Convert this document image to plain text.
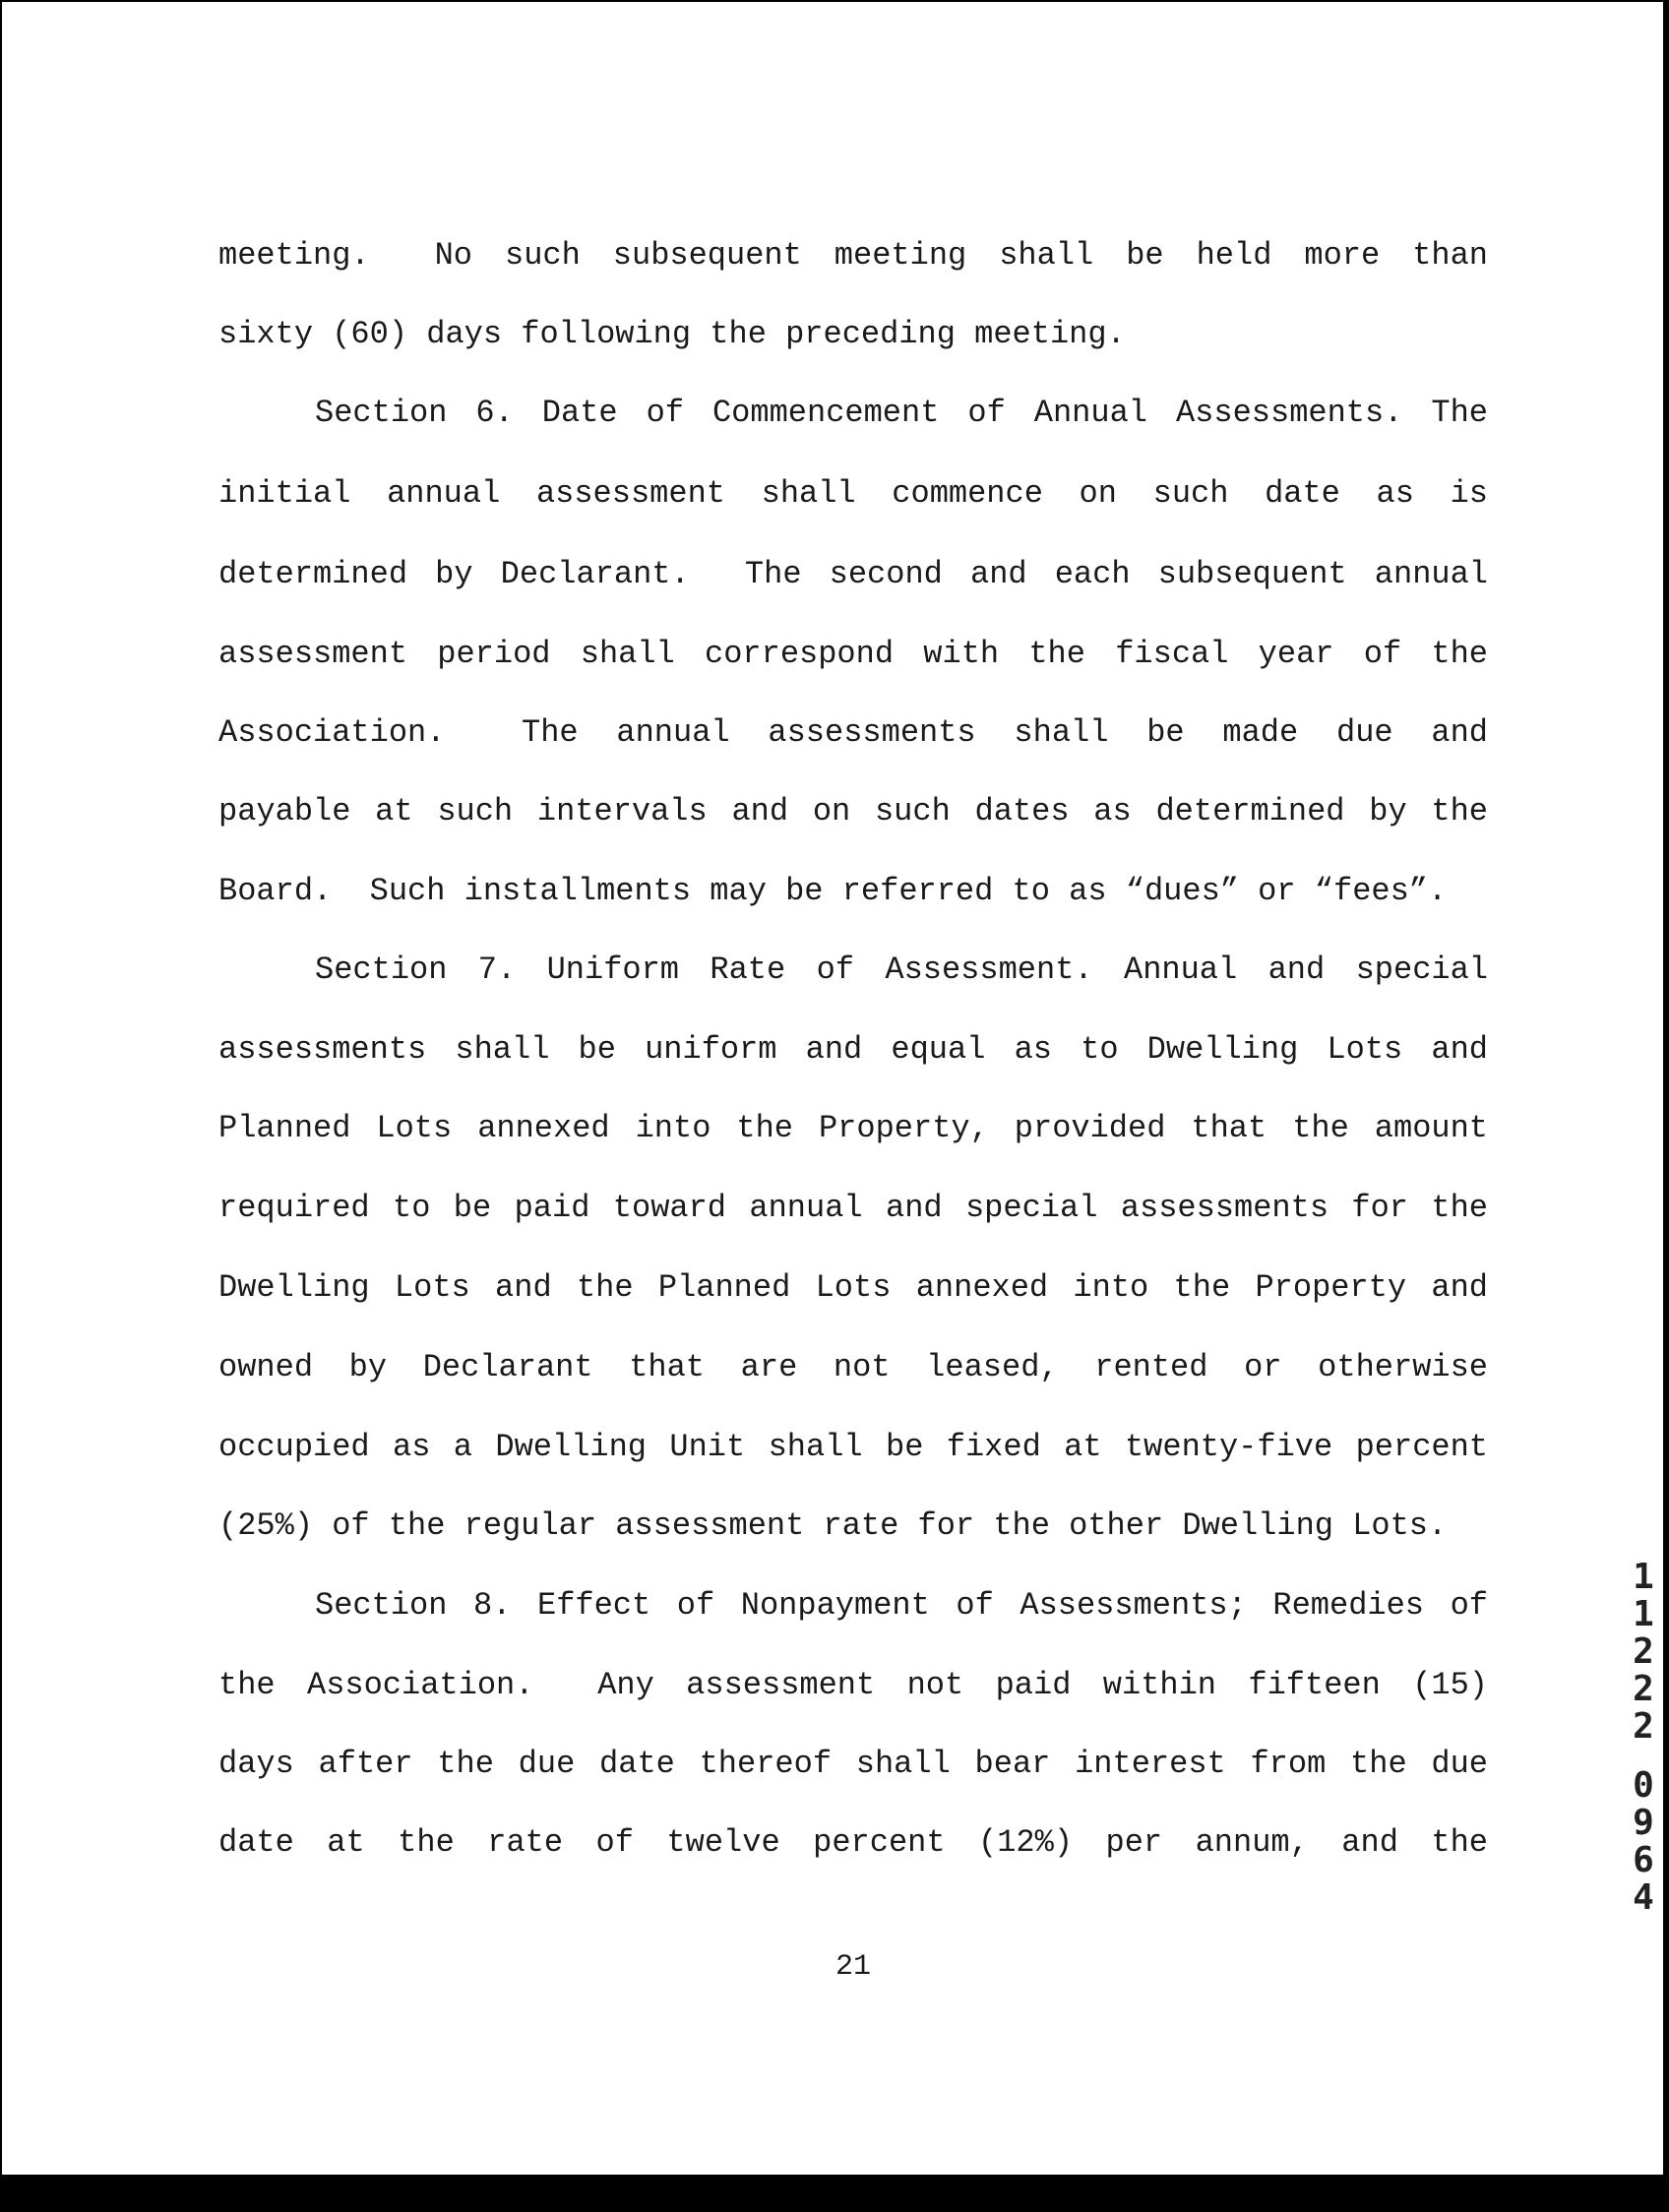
meeting.  No such subsequent meeting shall be held more than
sixty (60) days following the preceding meeting.
Section 6. Date of Commencement of Annual Assessments. The
initial annual assessment shall commence on such date as is
determined by Declarant.  The second and each subsequent annual
assessment period shall correspond with the fiscal year of the
Association.  The annual assessments shall be made due and
payable at such intervals and on such dates as determined by the
Board.  Such installments may be referred to as “dues” or “fees”.
Section 7. Uniform Rate of Assessment. Annual and special
assessments shall be uniform and equal as to Dwelling Lots and
Planned Lots annexed into the Property, provided that the amount
required to be paid toward annual and special assessments for the
Dwelling Lots and the Planned Lots annexed into the Property and
owned by Declarant that are not leased, rented or otherwise
occupied as a Dwelling Unit shall be fixed at twenty-five percent
(25%) of the regular assessment rate for the other Dwelling Lots.
Section 8. Effect of Nonpayment of Assessments; Remedies of
the Association.  Any assessment not paid within fifteen (15)
days after the due date thereof shall bear interest from the due
date at the rate of twelve percent (12%) per annum, and the
21
1
1
2
2
2
0
9
6
4
